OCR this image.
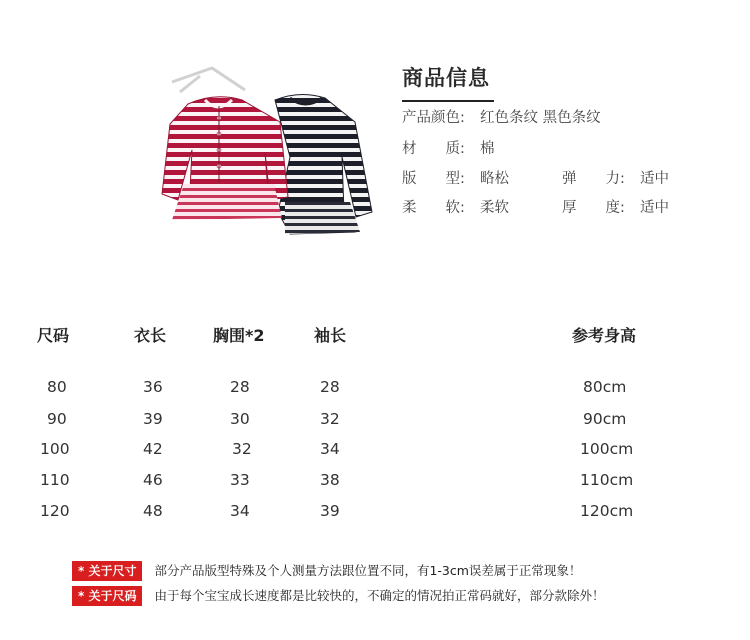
商品信息
产品颜色: 红色条纹 黑色条纹
材　　质: 棉
版　　型: 略松	弹　　力: 适中
柔　　软: 柔软	厚　　度: 适中
尺码	衣长	胸围*2	袖长	参考身高
80	36	28	28	80cm
90	39	30	32	90cm
100	42	32	34	100cm
110	46	33	38	110cm
120	48	34	39	120cm
* 关于尺寸 部分产品版型特殊及个人测量方法跟位置不同，有1-3cm误差属于正常现象！
* 关于尺码 由于每个宝宝成长速度都是比较快的，不确定的情况拍正常码就好，部分款除外！
